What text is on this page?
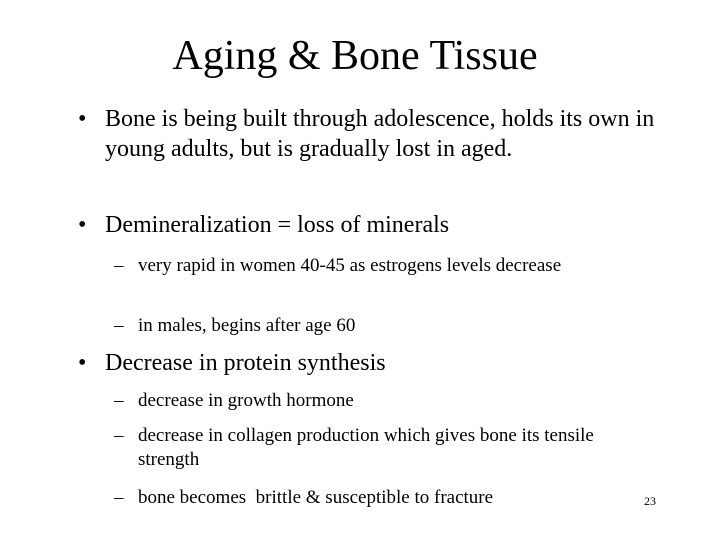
Aging & Bone Tissue
• Bone is being built through adolescence, holds its own in young adults, but is gradually lost in aged.
• Demineralization = loss of minerals
– very rapid in women 40-45 as estrogens levels decrease
– in males, begins after age 60
• Decrease in protein synthesis
– decrease in growth hormone
– decrease in collagen production which gives bone its tensile strength
– bone becomes  brittle & susceptible to fracture	23
